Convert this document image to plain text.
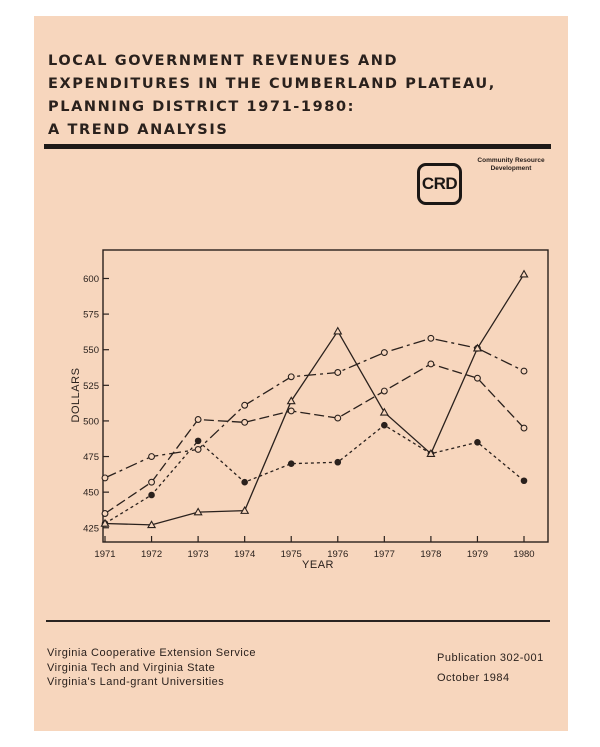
LOCAL GOVERNMENT REVENUES AND
EXPENDITURES IN THE CUMBERLAND PLATEAU,
PLANNING DISTRICT 1971-1980:
A TREND ANALYSIS
CRD
Community Resource
Development
425
450
475
500
525
550
575
600
1971	1972	1973	1974	1975	1976	1977	1978	1979	1980
YEAR
DOLLARS
Virginia Cooperative Extension Service
Virginia Tech and Virginia State
Virginia's Land-grant Universities
Publication 302-001
October 1984
